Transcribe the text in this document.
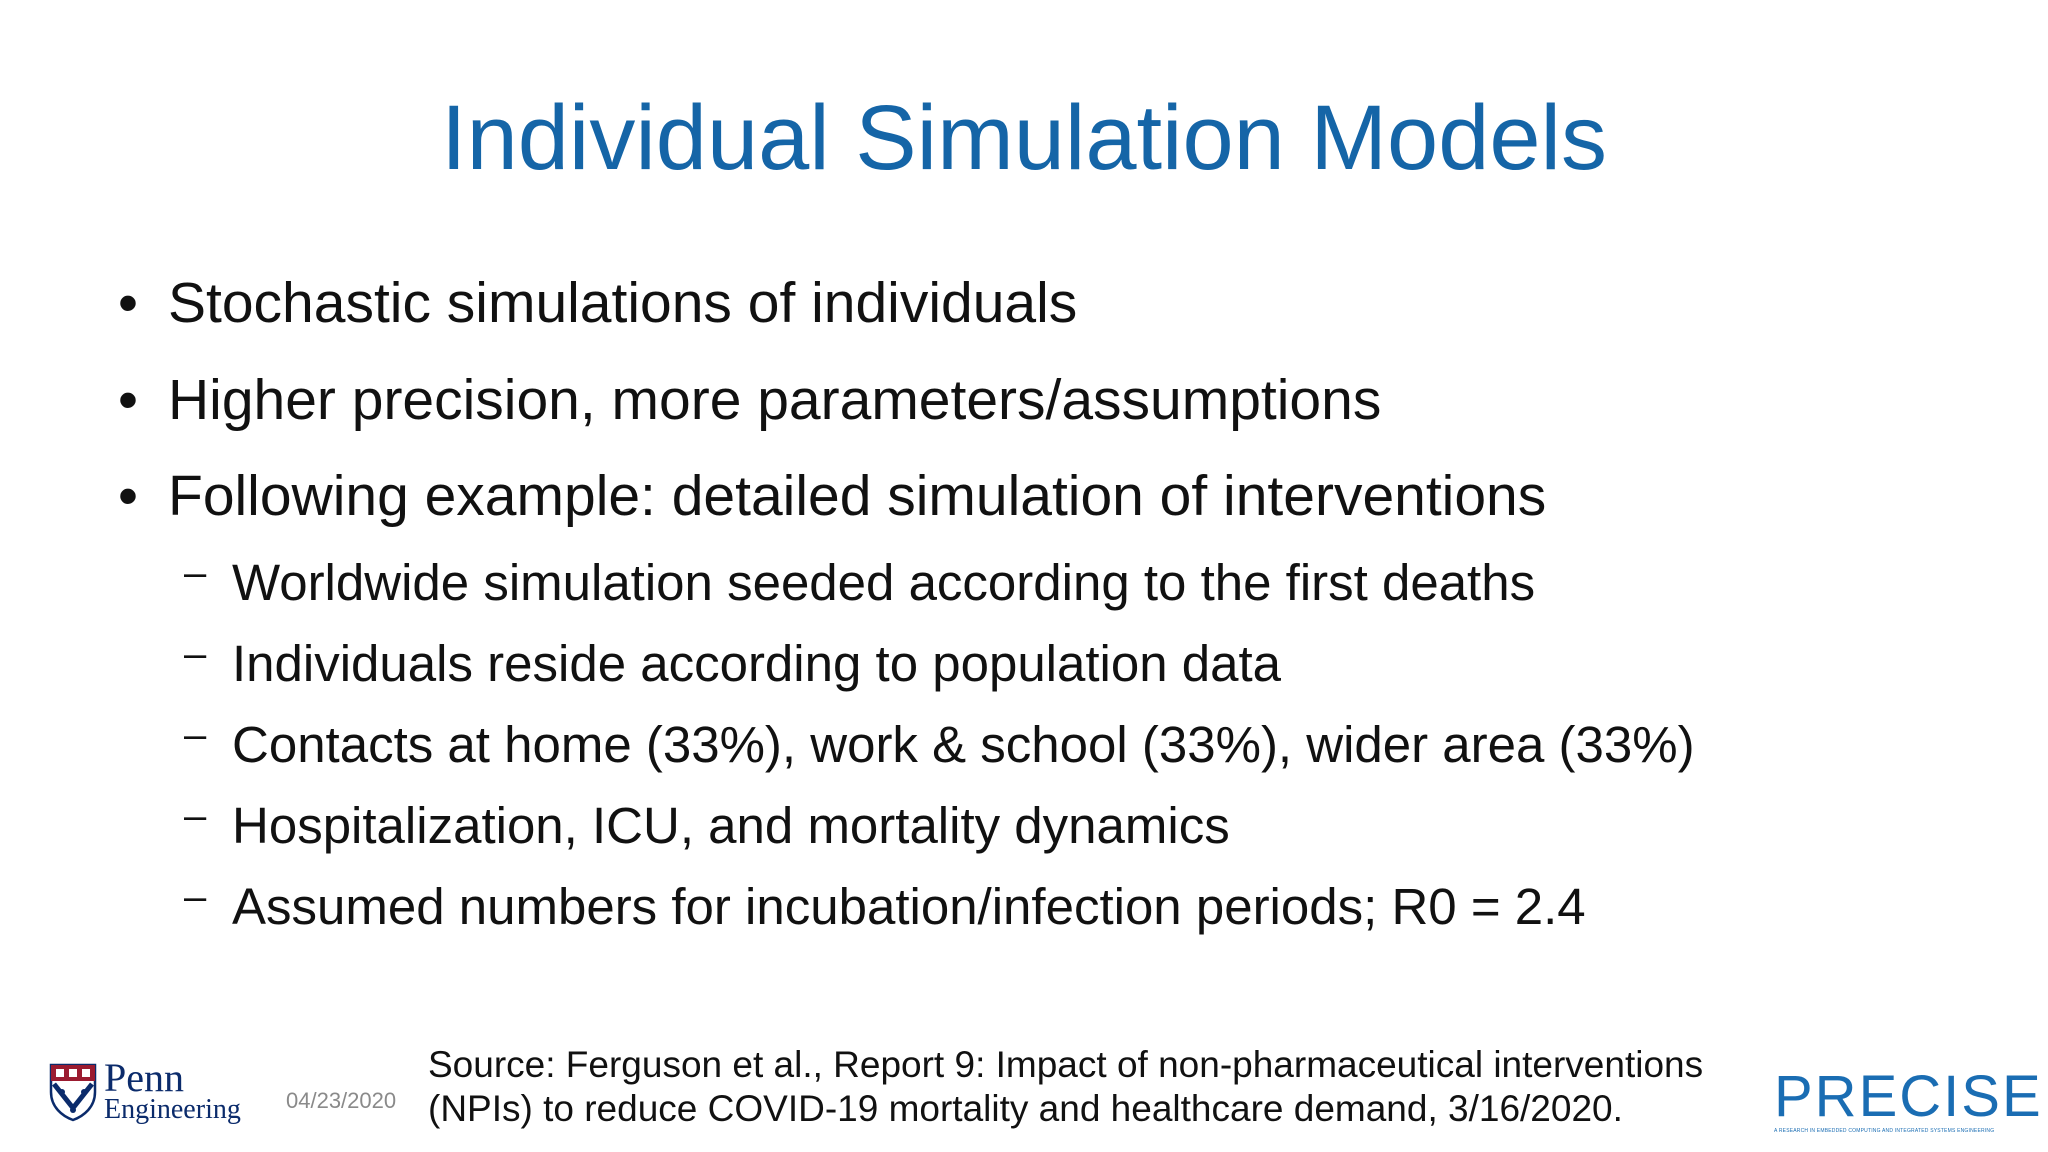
Individual Simulation Models
• Stochastic simulations of individuals
• Higher precision, more parameters/assumptions
• Following example: detailed simulation of interventions
– Worldwide simulation seeded according to the first deaths
– Individuals reside according to population data
– Contacts at home (33%), work & school (33%), wider area (33%)
– Hospitalization, ICU, and mortality dynamics
– Assumed numbers for incubation/infection periods; R0 = 2.4
Penn
Engineering 04/23/2020
Source: Ferguson et al., Report 9: Impact of non-pharmaceutical interventions
(NPIs) to reduce COVID-19 mortality and healthcare demand, 3/16/2020.	PRECISE
A RESEARCH IN EMBEDDED COMPUTING AND INTEGRATED SYSTEMS ENGINEERING
